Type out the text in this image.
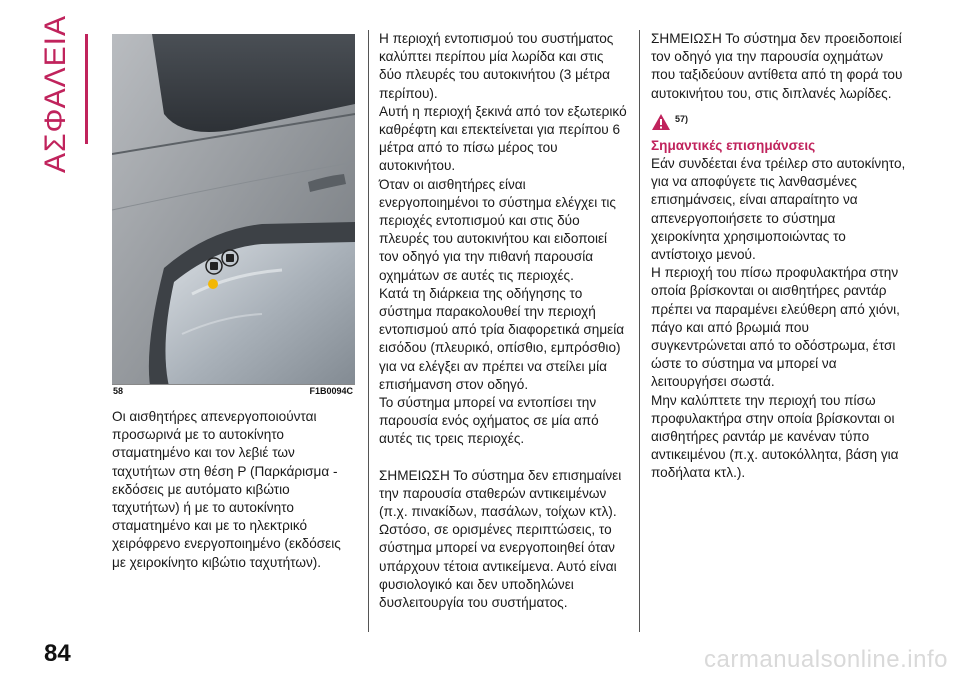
ΑΣΦΑΛΕΙΑ
58	F1B0094C

Οι αισθητήρες απενεργοποιούνται προσωρινά με το αυτοκίνητο σταματημένο και τον λεβιέ των ταχυτήτων στη θέση P (Παρκάρισμα - εκδόσεις με αυτόματο κιβώτιο ταχυτήτων) ή με το αυτοκίνητο σταματημένο και με το ηλεκτρικό χειρόφρενο ενεργοποιημένο (εκδόσεις με χειροκίνητο κιβώτιο ταχυτήτων).

Η περιοχή εντοπισμού του συστήματος καλύπτει περίπου μία λωρίδα και στις δύο πλευρές του αυτοκινήτου (3 μέτρα περίπου).

Αυτή η περιοχή ξεκινά από τον εξωτερικό καθρέφτη και επεκτείνεται για περίπου 6 μέτρα από το πίσω μέρος του αυτοκινήτου.

Όταν οι αισθητήρες είναι ενεργοποιημένοι το σύστημα ελέγχει τις περιοχές εντοπισμού και στις δύο πλευρές του αυτοκινήτου και ειδοποιεί τον οδηγό για την πιθανή παρουσία οχημάτων σε αυτές τις περιοχές.

Κατά τη διάρκεια της οδήγησης το σύστημα παρακολουθεί την περιοχή εντοπισμού από τρία διαφορετικά σημεία εισόδου (πλευρικό, οπίσθιο, εμπρόσθιο) για να ελέγξει αν πρέπει να στείλει μία επισήμανση στον οδηγό.

Το σύστημα μπορεί να εντοπίσει την παρουσία ενός οχήματος σε μία από αυτές τις τρεις περιοχές.

ΣΗΜΕΙΩΣΗ Το σύστημα δεν επισημαίνει την παρουσία σταθερών αντικειμένων (π.χ. πινακίδων, πασάλων, τοίχων κτλ). Ωστόσο, σε ορισμένες περιπτώσεις, το σύστημα μπορεί να ενεργοποιηθεί όταν υπάρχουν τέτοια αντικείμενα. Αυτό είναι φυσιολογικό και δεν υποδηλώνει δυσλειτουργία του συστήματος.

ΣΗΜΕΙΩΣΗ Το σύστημα δεν προειδοποιεί τον οδηγό για την παρουσία οχημάτων που ταξιδεύουν αντίθετα από τη φορά του αυτοκινήτου του, στις διπλανές λωρίδες.

57)

Σημαντικές επισημάνσεις

Εάν συνδέεται ένα τρέιλερ στο αυτοκίνητο, για να αποφύγετε τις λανθασμένες επισημάνσεις, είναι απαραίτητο να απενεργοποιήσετε το σύστημα χειροκίνητα χρησιμοποιώντας το αντίστοιχο μενού.

Η περιοχή του πίσω προφυλακτήρα στην οποία βρίσκονται οι αισθητήρες ραντάρ πρέπει να παραμένει ελεύθερη από χιόνι, πάγο και από βρωμιά που συγκεντρώνεται από το οδόστρωμα, έτσι ώστε το σύστημα να μπορεί να λειτουργήσει σωστά.

Μην καλύπτετε την περιοχή του πίσω προφυλακτήρα στην οποία βρίσκονται οι αισθητήρες ραντάρ με κανέναν τύπο αντικειμένου (π.χ. αυτοκόλλητα, βάση για ποδήλατα κτλ.).

84	carmanualsonline.info
